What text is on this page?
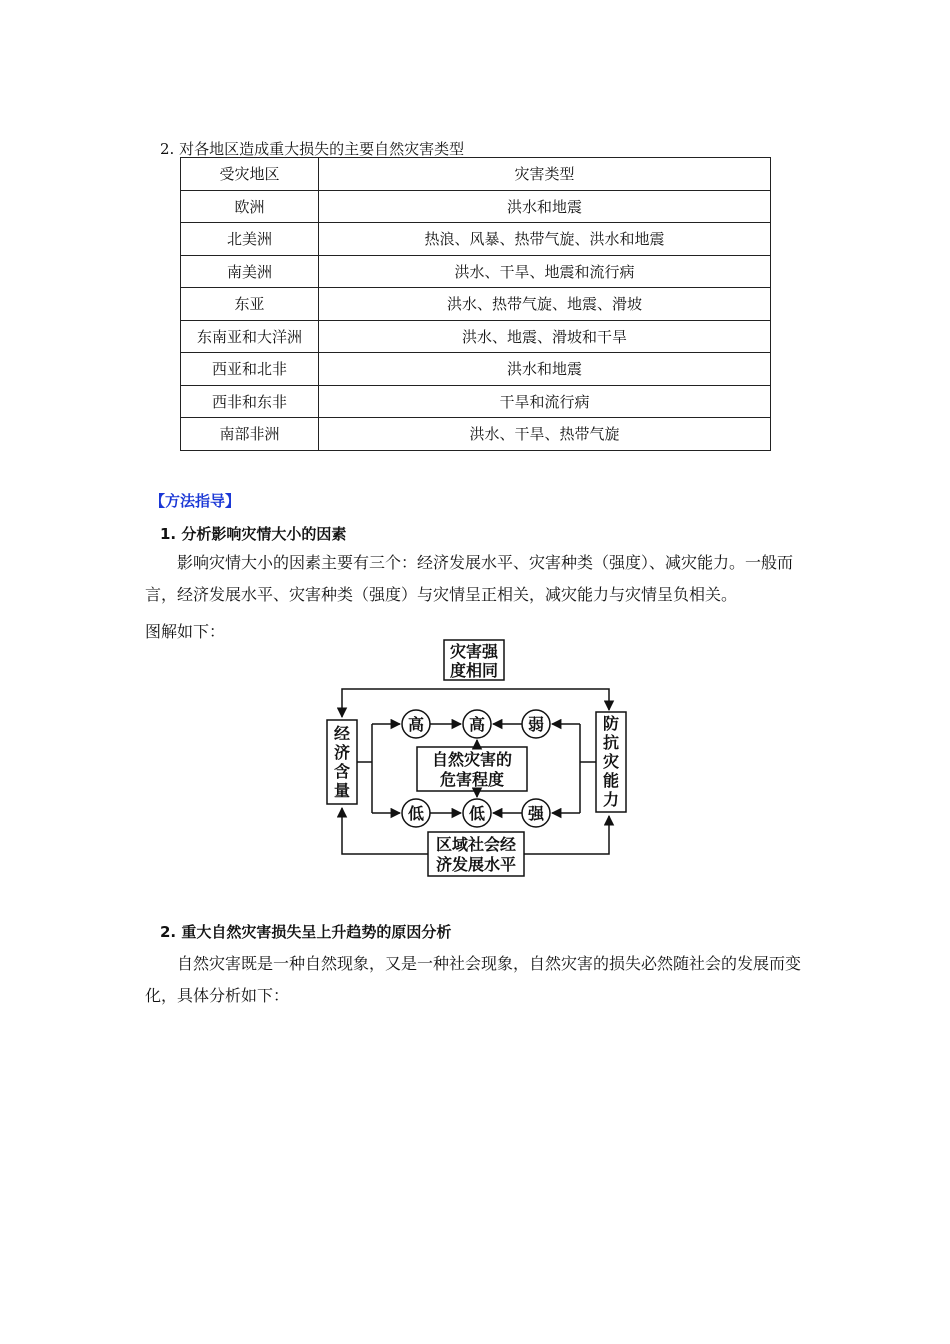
2. 对各地区造成重大损失的主要自然灾害类型
受灾地区	灾害类型
欧洲	洪水和地震
北美洲	热浪、风暴、热带气旋、洪水和地震
南美洲	洪水、干旱、地震和流行病
东亚	洪水、热带气旋、地震、滑坡
东南亚和大洋洲	洪水、地震、滑坡和干旱
西亚和北非	洪水和地震
西非和东非	干旱和流行病
南部非洲	洪水、干旱、热带气旋
【方法指导】
1. 分析影响灾情大小的因素
影响灾情大小的因素主要有三个：经济发展水平、灾害种类（强度）、减灾能力。一般而言，经济发展水平、灾害种类（强度）与灾情呈正相关，减灾能力与灾情呈负相关。
图解如下：
灾害强
度相同
经
济
含
量
防
抗
灾
能
力
自然灾害的
危害程度
区域社会经
济发展水平
高	高	弱
低	低	强
2. 重大自然灾害损失呈上升趋势的原因分析
自然灾害既是一种自然现象，又是一种社会现象，自然灾害的损失必然随社会的发展而变化，具体分析如下：
